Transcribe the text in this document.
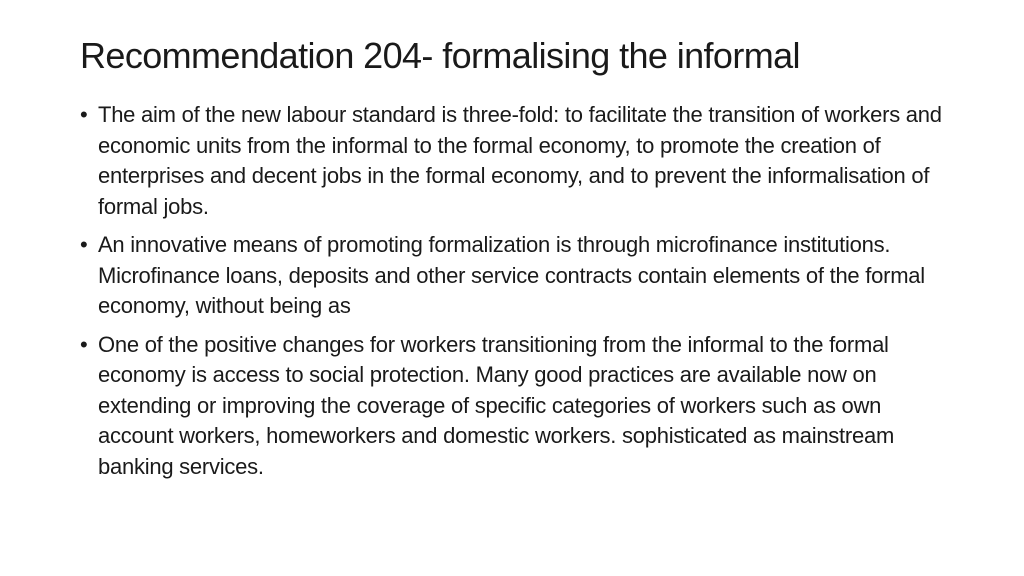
Recommendation 204- formalising the informal
• The aim of the new labour standard is three-fold: to facilitate the transition of workers and economic units from the informal to the formal economy, to promote the creation of enterprises and decent jobs in the formal economy, and to prevent the informalisation of formal jobs.
• An innovative means of promoting formalization is through microfinance institutions. Microfinance loans, deposits and other service contracts contain elements of the formal economy, without being as
• One of the positive changes for workers transitioning from the informal to the formal economy is access to social protection. Many good practices are available now on extending or improving the coverage of specific categories of workers such as own account workers, homeworkers and domestic workers. sophisticated as mainstream banking services.
